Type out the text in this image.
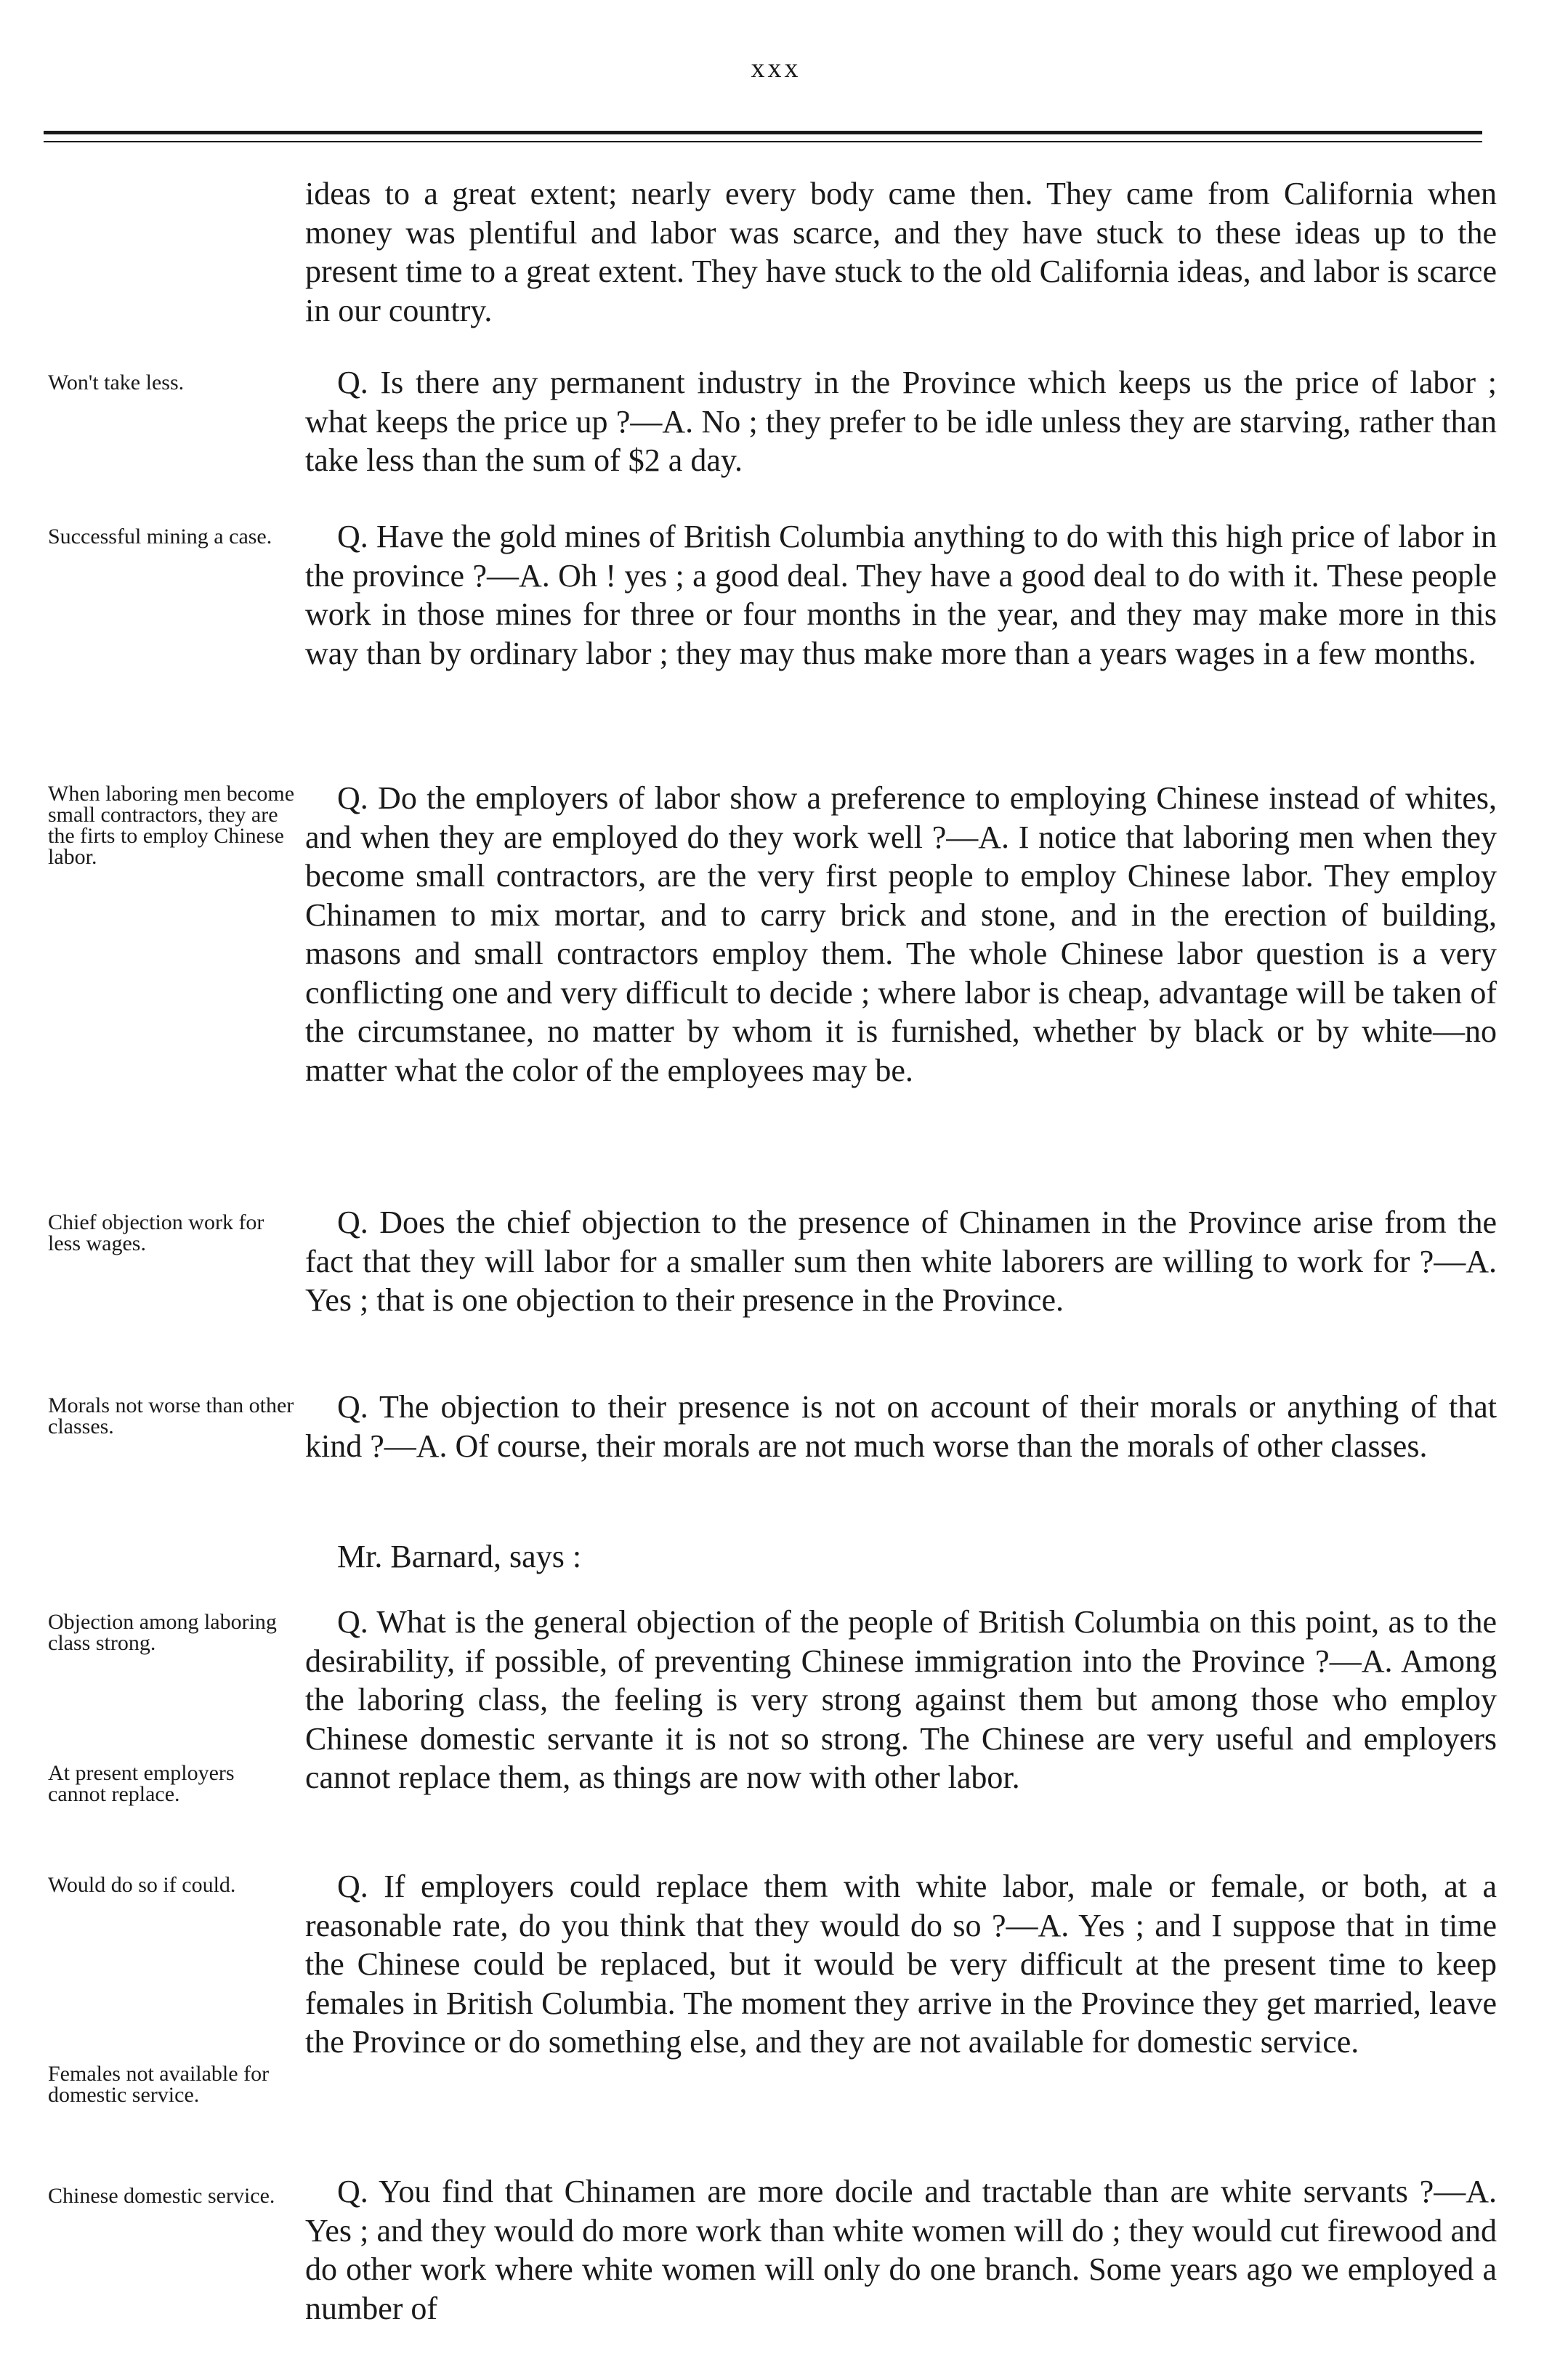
xxx
Won't take less.
Successful mining a case.
When laboring men become small contractors, they are the firts to employ Chinese labor.
Chief objection work for less wages.
Morals not worse than other classes.
Objection among laboring class strong.
At present employers cannot replace.
Would do so if could.
Females not available for domestic service.
Chinese domestic service.
ideas to a great extent; nearly every body came then. They came from California when money was plentiful and labor was scarce, and they have stuck to these ideas up to the present time to a great extent. They have stuck to the old California ideas, and labor is scarce in our country.
Q. Is there any permanent industry in the Province which keeps us the price of labor ; what keeps the price up ?—A. No ; they prefer to be idle unless they are starving, rather than take less than the sum of $2 a day.
Q. Have the gold mines of British Columbia anything to do with this high price of labor in the province ?—A. Oh ! yes ; a good deal. They have a good deal to do with it. These people work in those mines for three or four months in the year, and they may make more in this way than by ordinary labor ; they may thus make more than a years wages in a few months.
Q. Do the employers of labor show a preference to employing Chinese instead of whites, and when they are employed do they work well ?—A. I notice that laboring men when they become small contractors, are the very first people to employ Chinese labor. They employ Chinamen to mix mortar, and to carry brick and stone, and in the erection of building, masons and small contractors employ them. The whole Chinese labor question is a very conflicting one and very difficult to decide ; where labor is cheap, advantage will be taken of the circumstanee, no matter by whom it is furnished, whether by black or by white—no matter what the color of the employees may be.
Q. Does the chief objection to the presence of Chinamen in the Province arise from the fact that they will labor for a smaller sum then white laborers are willing to work for ?—A. Yes ; that is one objection to their presence in the Province.
Q. The objection to their presence is not on account of their morals or anything of that kind ?—A. Of course, their morals are not much worse than the morals of other classes.
Mr. Barnard, says :
Q. What is the general objection of the people of British Columbia on this point, as to the desirability, if possible, of preventing Chinese immigration into the Province ?—A. Among the laboring class, the feeling is very strong against them but among those who employ Chinese domestic servante it is not so strong. The Chinese are very useful and employers cannot replace them, as things are now with other labor.
Q. If employers could replace them with white labor, male or female, or both, at a reasonable rate, do you think that they would do so ?—A. Yes ; and I suppose that in time the Chinese could be replaced, but it would be very difficult at the present time to keep females in British Columbia. The moment they arrive in the Province they get married, leave the Province or do something else, and they are not available for domestic service.
Q. You find that Chinamen are more docile and tractable than are white servants ?—A. Yes ; and they would do more work than white women will do ; they would cut firewood and do other work where white women will only do one branch. Some years ago we employed a number of
